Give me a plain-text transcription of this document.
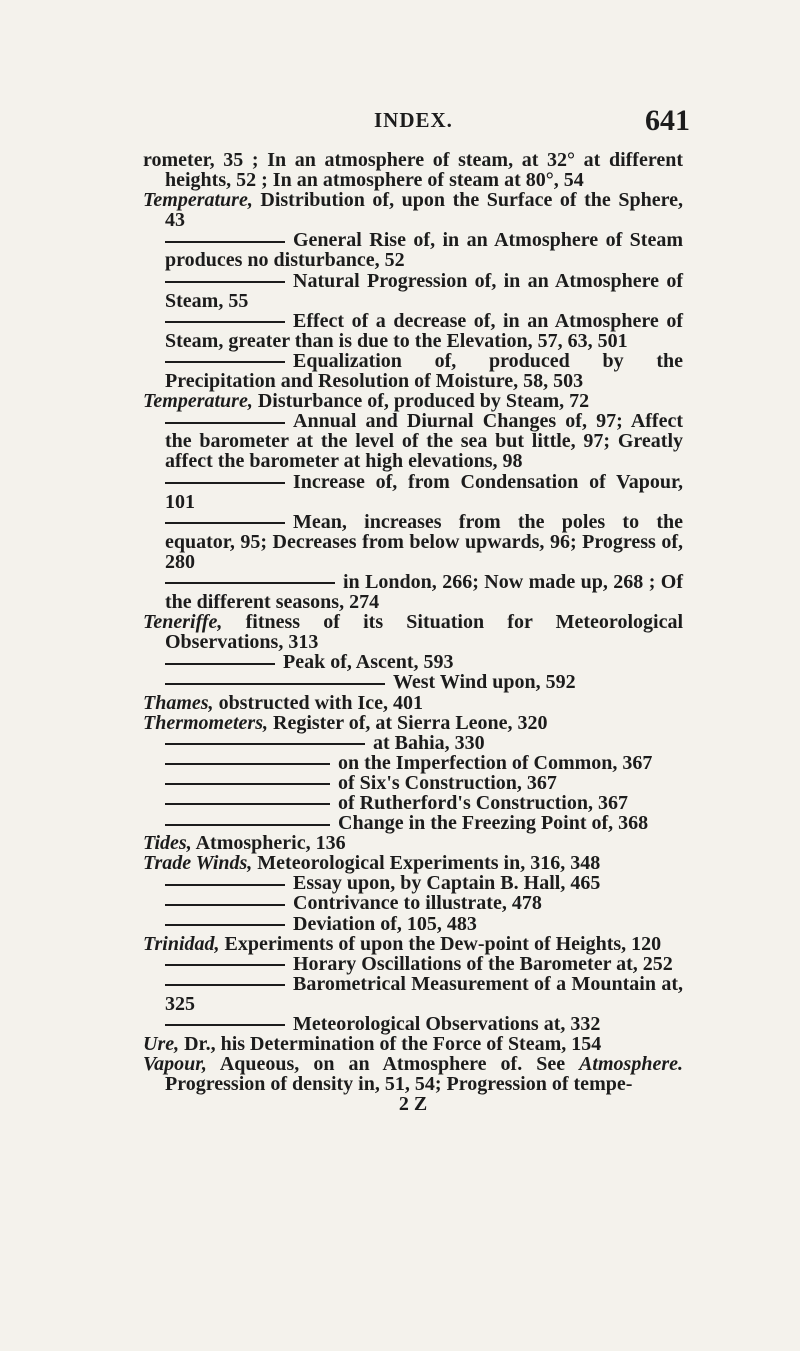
INDEX.	641
rometer, 35 ; In an atmosphere of steam, at 32° at different heights, 52 ; In an atmosphere of steam at 80°, 54
Temperature, Distribution of, upon the Surface of the Sphere, 43
General Rise of, in an Atmosphere of Steam produces no disturbance, 52
Natural Progression of, in an Atmosphere of Steam, 55
Effect of a decrease of, in an Atmosphere of Steam, greater than is due to the Elevation, 57, 63, 501
Equalization of, produced by the Precipitation and Resolution of Moisture, 58, 503
Temperature, Disturbance of, produced by Steam, 72
Annual and Diurnal Changes of, 97; Affect the barometer at the level of the sea but little, 97; Greatly affect the barometer at high elevations, 98
Increase of, from Condensation of Vapour, 101
Mean, increases from the poles to the equator, 95; Decreases from below upwards, 96; Progress of, 280
in London, 266; Now made up, 268 ; Of the different seasons, 274
Teneriffe, fitness of its Situation for Meteorological Observations, 313
Peak of, Ascent, 593
West Wind upon, 592
Thames, obstructed with Ice, 401
Thermometers, Register of, at Sierra Leone, 320
at Bahia, 330
on the Imperfection of Common, 367
of Six's Construction, 367
of Rutherford's Construction, 367
Change in the Freezing Point of, 368
Tides, Atmospheric, 136
Trade Winds, Meteorological Experiments in, 316, 348
Essay upon, by Captain B. Hall, 465
Contrivance to illustrate, 478
Deviation of, 105, 483
Trinidad, Experiments of upon the Dew-point of Heights, 120
Horary Oscillations of the Barometer at, 252
Barometrical Measurement of a Mountain at, 325
Meteorological Observations at, 332
Ure, Dr., his Determination of the Force of Steam, 154
Vapour, Aqueous, on an Atmosphere of. See Atmosphere. Progression of density in, 51, 54; Progression of tempe-
2 Z
